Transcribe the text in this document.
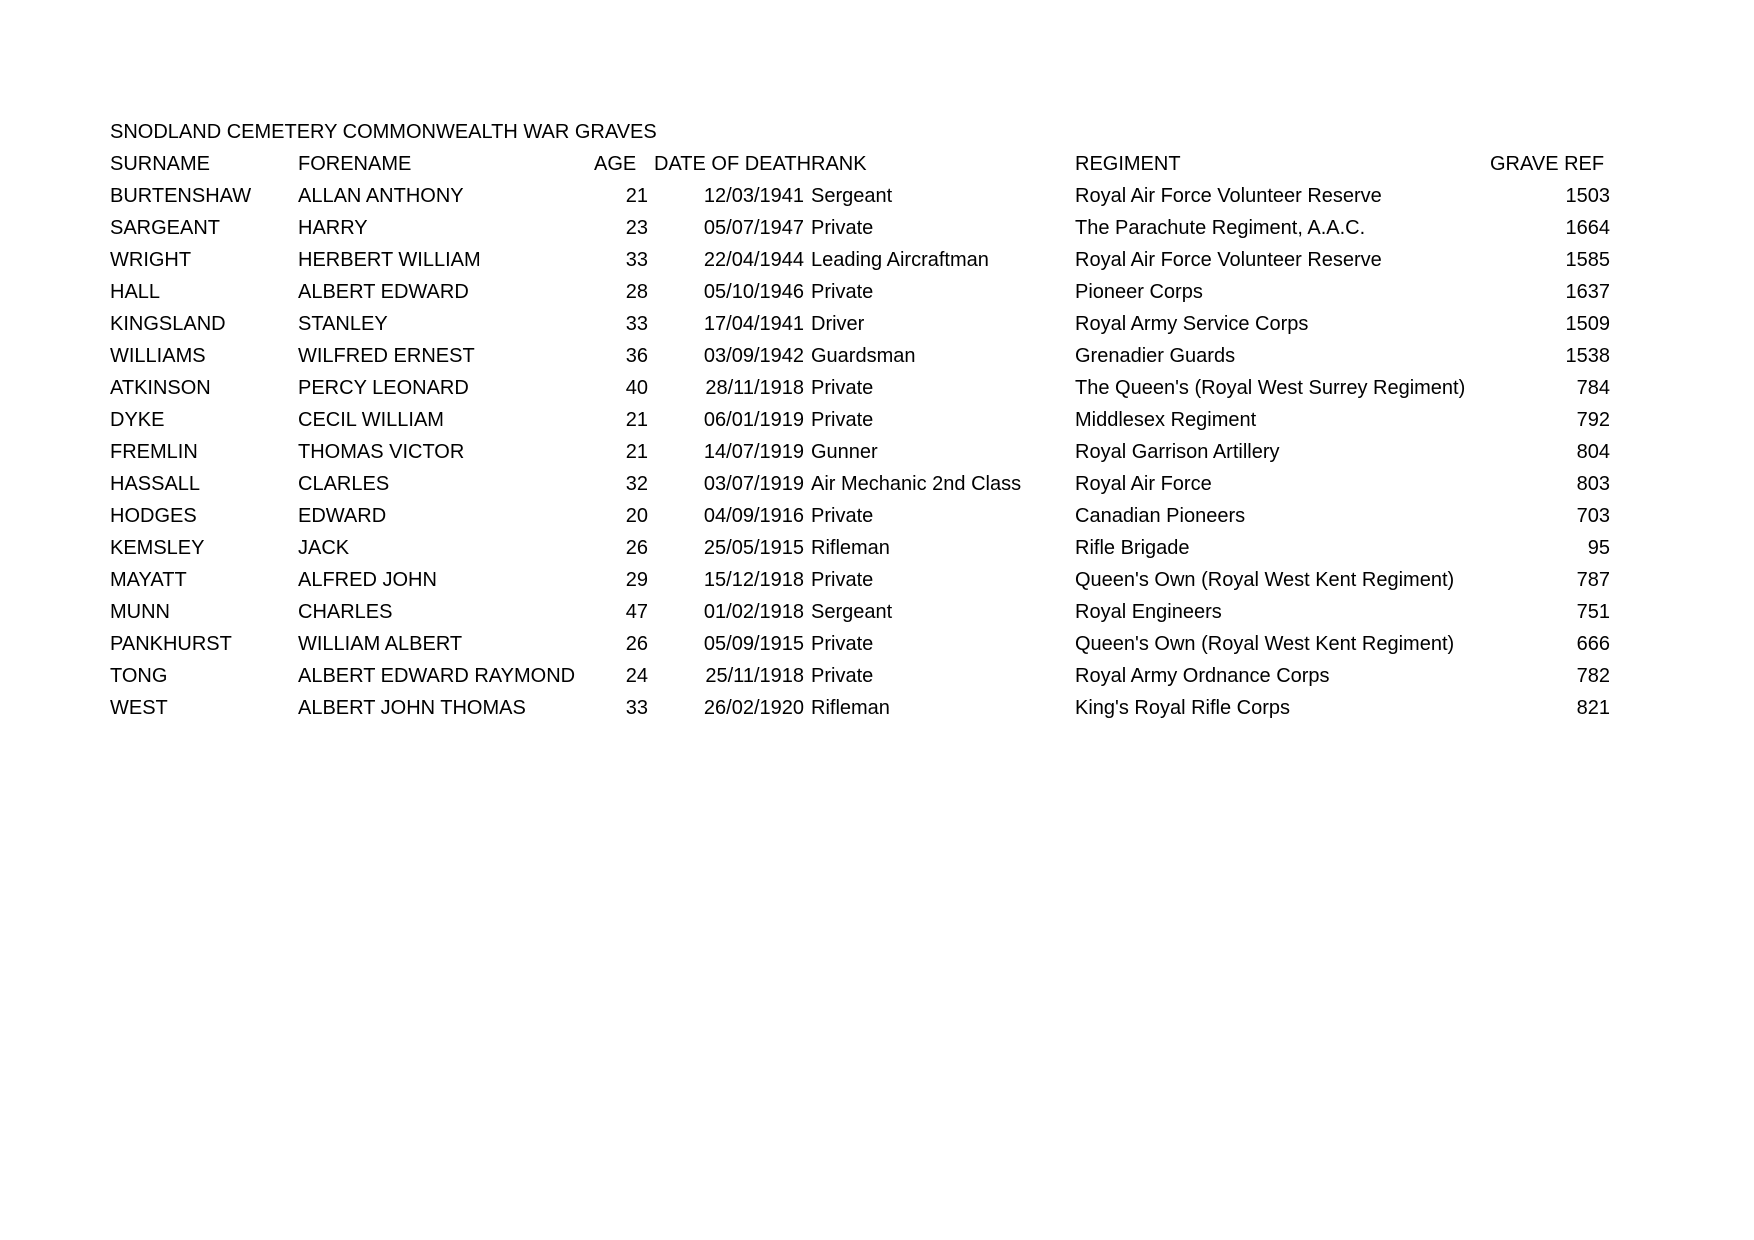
SNODLAND CEMETERY COMMONWEALTH WAR GRAVES
SURNAME	FORENAME	AGE	DATE OF DEATH	RANK	REGIMENT	GRAVE REF
BURTENSHAW	ALLAN ANTHONY	21	12/03/1941	Sergeant	Royal Air Force Volunteer Reserve	1503
SARGEANT	HARRY	23	05/07/1947	Private	The Parachute Regiment, A.A.C.	1664
WRIGHT	HERBERT WILLIAM	33	22/04/1944	Leading Aircraftman	Royal Air Force Volunteer Reserve	1585
HALL	ALBERT EDWARD	28	05/10/1946	Private	Pioneer Corps	1637
KINGSLAND	STANLEY	33	17/04/1941	Driver	Royal Army Service Corps	1509
WILLIAMS	WILFRED ERNEST	36	03/09/1942	Guardsman	Grenadier Guards	1538
ATKINSON	PERCY LEONARD	40	28/11/1918	Private	The Queen's (Royal West Surrey Regiment)	784
DYKE	CECIL WILLIAM	21	06/01/1919	Private	Middlesex Regiment	792
FREMLIN	THOMAS VICTOR	21	14/07/1919	Gunner	Royal Garrison Artillery	804
HASSALL	CLARLES	32	03/07/1919	Air Mechanic 2nd Class	Royal Air Force	803
HODGES	EDWARD	20	04/09/1916	Private	Canadian Pioneers	703
KEMSLEY	JACK	26	25/05/1915	Rifleman	Rifle Brigade	95
MAYATT	ALFRED JOHN	29	15/12/1918	Private	Queen's Own (Royal West Kent Regiment)	787
MUNN	CHARLES	47	01/02/1918	Sergeant	Royal Engineers	751
PANKHURST	WILLIAM ALBERT	26	05/09/1915	Private	Queen's Own (Royal West Kent Regiment)	666
TONG	ALBERT EDWARD RAYMOND	24	25/11/1918	Private	Royal Army Ordnance Corps	782
WEST	ALBERT JOHN THOMAS	33	26/02/1920	Rifleman	King's Royal Rifle Corps	821
